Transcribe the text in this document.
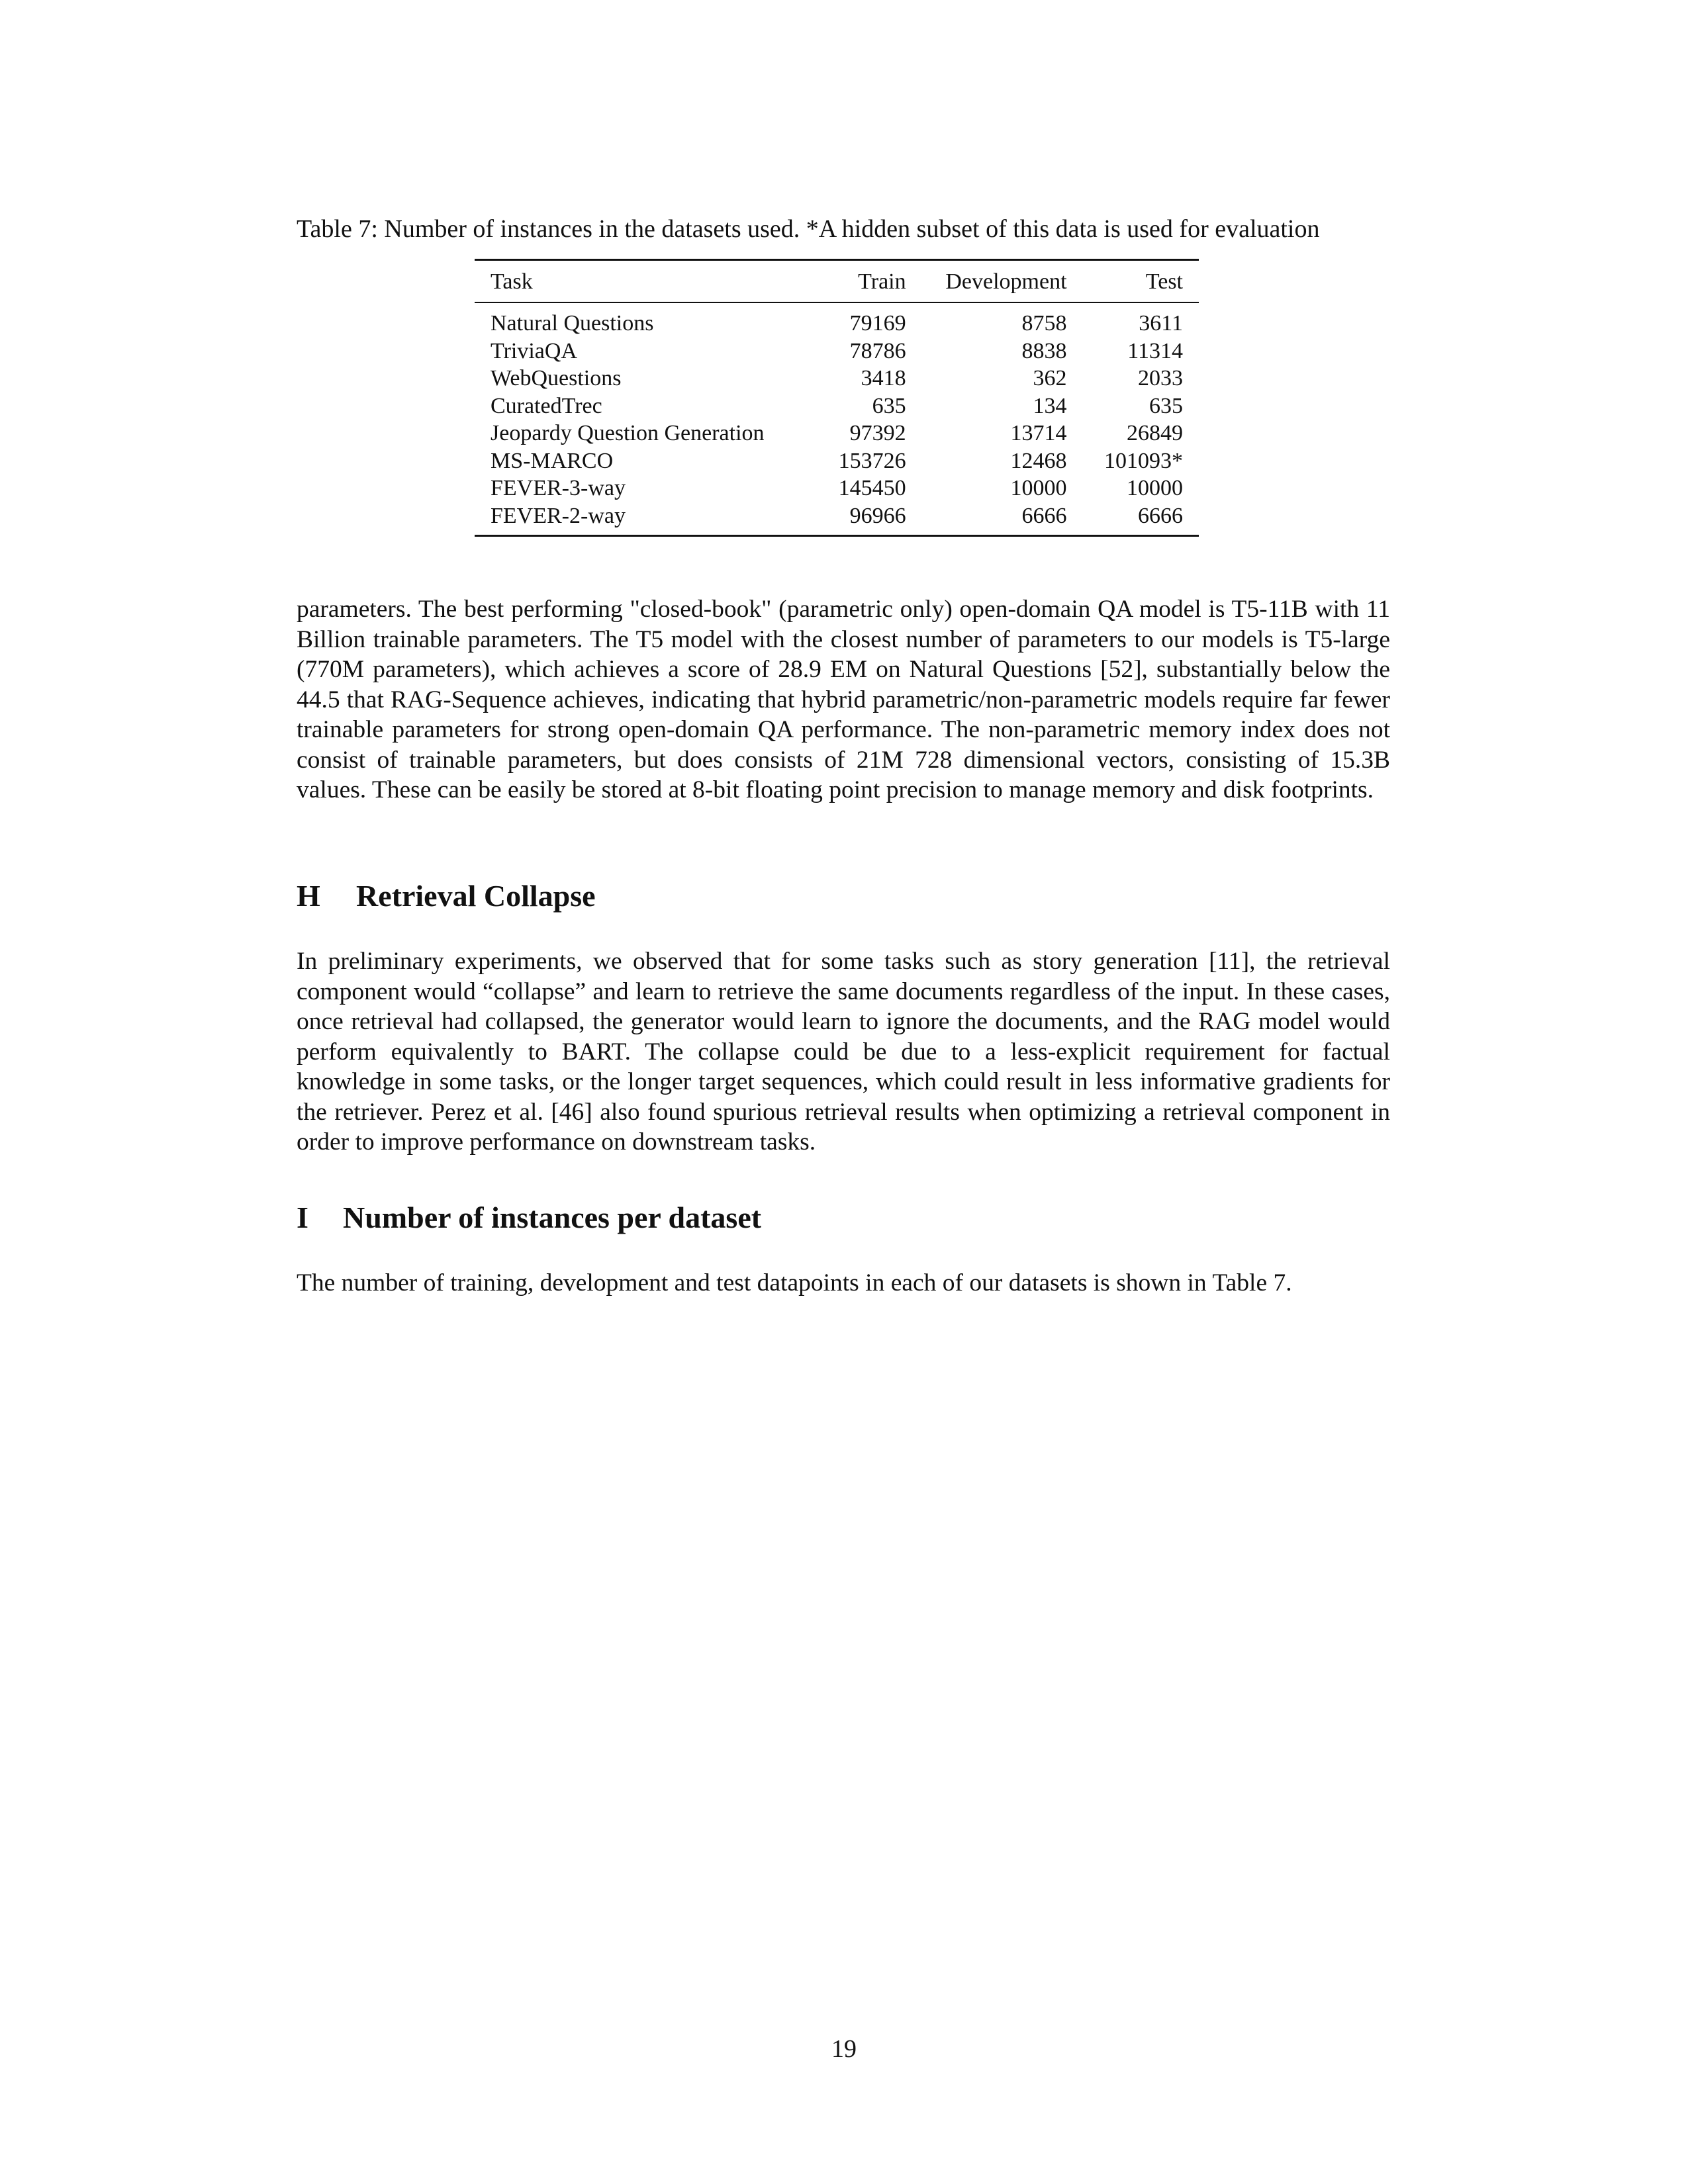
Table 7: Number of instances in the datasets used. *A hidden subset of this data is used for evaluation
Task	Train	Development	Test
Natural Questions	79169	8758	3611
TriviaQA	78786	8838	11314
WebQuestions	3418	362	2033
CuratedTrec	635	134	635
Jeopardy Question Generation	97392	13714	26849
MS-MARCO	153726	12468	101093*
FEVER-3-way	145450	10000	10000
FEVER-2-way	96966	6666	6666

parameters. The best performing "closed-book" (parametric only) open-domain QA model is T5-11B with 11 Billion trainable parameters. The T5 model with the closest number of parameters to our models is T5-large (770M parameters), which achieves a score of 28.9 EM on Natural Questions [52], substantially below the 44.5 that RAG-Sequence achieves, indicating that hybrid parametric/non-parametric models require far fewer trainable parameters for strong open-domain QA performance. The non-parametric memory index does not consist of trainable parameters, but does consists of 21M 728 dimensional vectors, consisting of 15.3B values. These can be easily be stored at 8-bit floating point precision to manage memory and disk footprints.

H Retrieval Collapse

In preliminary experiments, we observed that for some tasks such as story generation [11], the retrieval component would “collapse” and learn to retrieve the same documents regardless of the input. In these cases, once retrieval had collapsed, the generator would learn to ignore the documents, and the RAG model would perform equivalently to BART. The collapse could be due to a less-explicit requirement for factual knowledge in some tasks, or the longer target sequences, which could result in less informative gradients for the retriever. Perez et al. [46] also found spurious retrieval results when optimizing a retrieval component in order to improve performance on downstream tasks.

I Number of instances per dataset

The number of training, development and test datapoints in each of our datasets is shown in Table 7.

19
